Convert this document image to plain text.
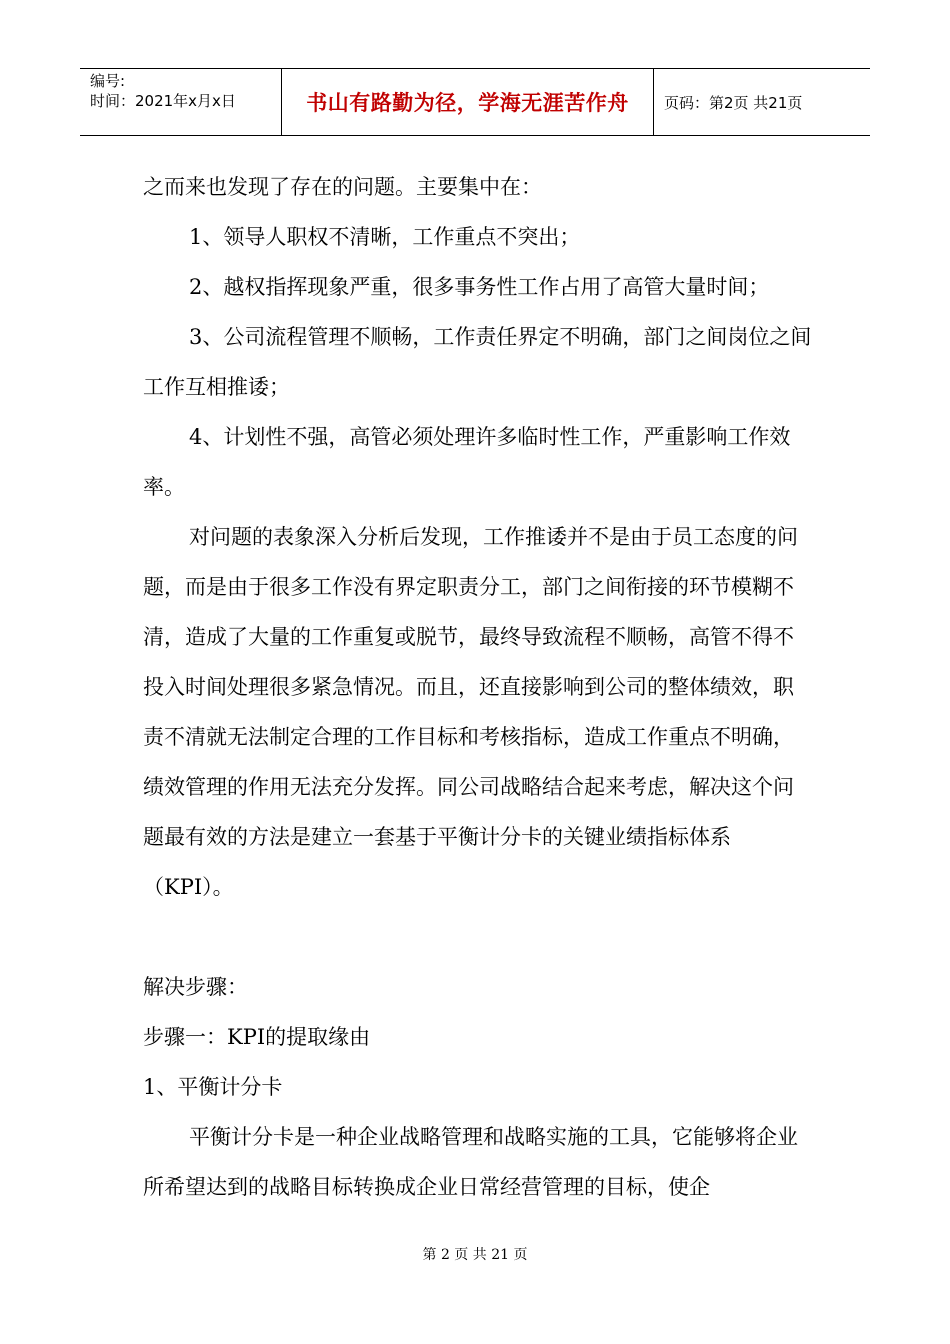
编号:
时间：2021年x月x日	书山有路勤为径，学海无涯苦作舟	页码：第2页 共21页

之而来也发现了存在的问题。主要集中在：

1、领导人职权不清晰，工作重点不突出；

2、越权指挥现象严重，很多事务性工作占用了高管大量时间；

3、公司流程管理不顺畅，工作责任界定不明确，部门之间岗位之间工作互相推诿；

4、计划性不强，高管必须处理许多临时性工作，严重影响工作效率。

对问题的表象深入分析后发现，工作推诿并不是由于员工态度的问题，而是由于很多工作没有界定职责分工，部门之间衔接的环节模糊不清，造成了大量的工作重复或脱节，最终导致流程不顺畅，高管不得不投入时间处理很多紧急情况。而且，还直接影响到公司的整体绩效，职责不清就无法制定合理的工作目标和考核指标，造成工作重点不明确，绩效管理的作用无法充分发挥。同公司战略结合起来考虑，解决这个问题最有效的方法是建立一套基于平衡计分卡的关键业绩指标体系（KPI）。

解决步骤：

步骤一：KPI的提取缘由

1、平衡计分卡

平衡计分卡是一种企业战略管理和战略实施的工具，它能够将企业所希望达到的战略目标转换成企业日常经营管理的目标，使企

第 2 页 共 21 页
